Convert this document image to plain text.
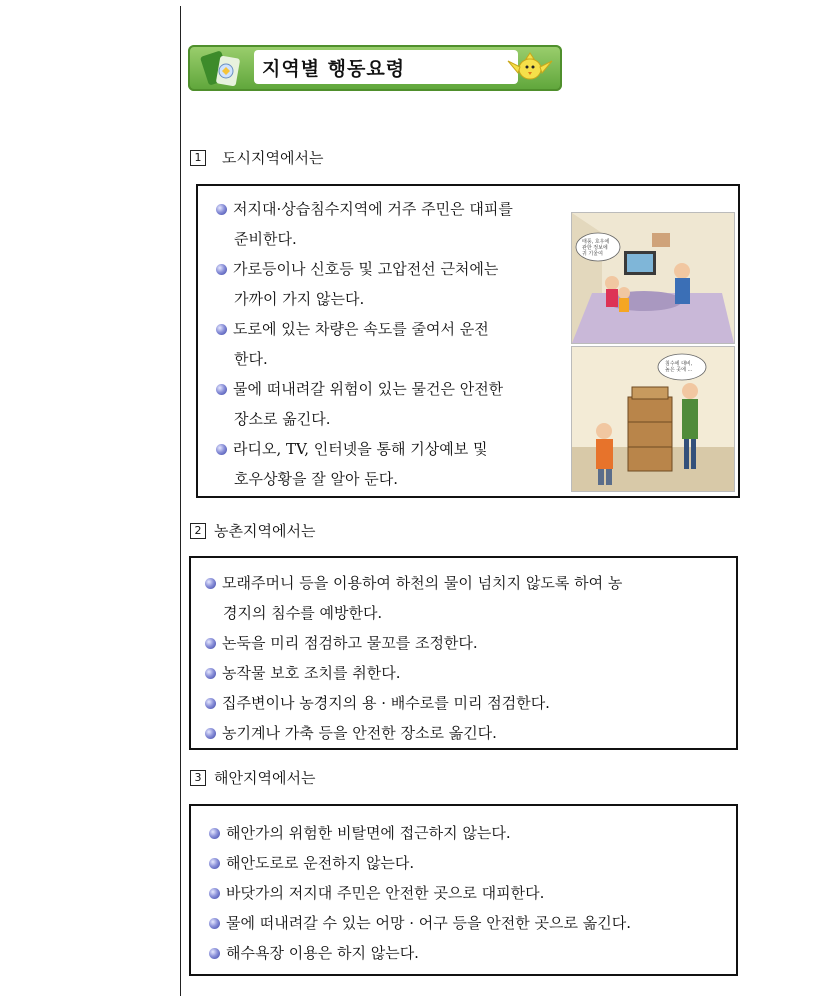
지역별 행동요령
1	도시지역에서는
저지대·상습침수지역에 거주 주민은 대피를
준비한다.
가로등이나 신호등 및 고압전선 근처에는
가까이 가지 않는다.
도로에 있는 차량은 속도를 줄여서 운전
한다.
물에 떠내려갈 위험이 있는 물건은 안전한
장소로 옮긴다.
라디오, TV, 인터넷을 통해 기상예보 및
호우상황을 잘 알아 둔다.
태풍, 호우에
관한 정보에
귀 기울여
침수에 대비,
높은 곳에 ...
2 농촌지역에서는
모래주머니 등을 이용하여 하천의 물이 넘치지 않도록 하여 농
경지의 침수를 예방한다.
논둑을 미리 점검하고 물꼬를 조정한다.
농작물 보호 조치를 취한다.
집주변이나 농경지의 용 · 배수로를 미리 점검한다.
농기계나 가축 등을 안전한 장소로 옮긴다.
3 해안지역에서는
해안가의 위험한 비탈면에 접근하지 않는다.
해안도로로 운전하지 않는다.
바닷가의 저지대 주민은 안전한 곳으로 대피한다.
물에 떠내려갈 수 있는 어망 · 어구 등을 안전한 곳으로 옮긴다.
해수욕장 이용은 하지 않는다.
